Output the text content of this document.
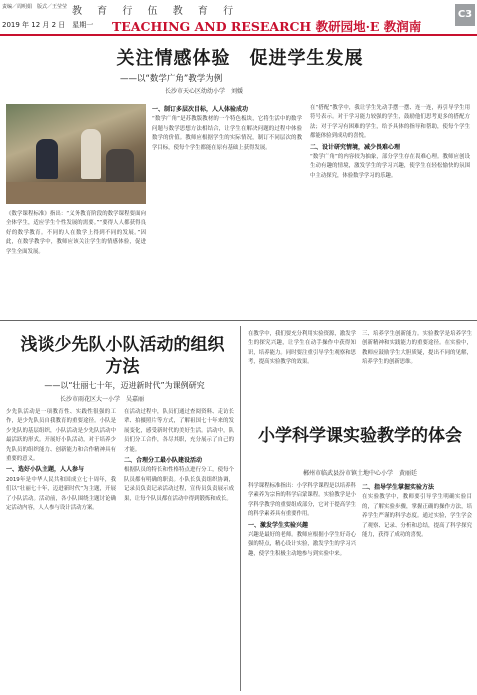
责编／周明娟　版式／王莹莹
2019 年 12 月 2 日　星期一
教 育 行 伍 教 育 行
TEACHING AND RESEARCH 教研园地·E 教润南
C3
关注情感体验　促进学生发展
——以“数学广角”教学为例
长沙市天心区幼幼小学　刘媛

《数学课程标准》指出：“义务教育阶段的数学课程要面向全体学生，适应学生个性发展的需要。”“要得人人都获得良好的数学教育。不同的人在数学上得到不同的发展。”因此，在数学教学中，教师应该关注学生的情感体验，促进学生全面发展。

一、制订多层次目标，人人体验成功

“数学广角”是苏教版教材的一个特色板块，它将生活中的数学问题与数学思想方法相结合，让学生在解决问题的过程中体验数学的价值。教师应根据学生的实际情况，制订不同层次的教学目标，使每个学生都能在原有基础上获得发展。

在“搭配”教学中，我让学生先动手摆一摆、连一连，再引导学生用符号表示。对于学习能力较强的学生，鼓励他们思考更多的搭配方法；对于学习有困难的学生，给予具体的指导和帮助，使每个学生都能体验到成功的喜悦。

二、设计研究情境，减少畏难心理

“数学广角”的内容较为抽象，部分学生存在畏难心理。教师应创设生动有趣的情境，激发学生的学习兴趣，使学生在轻松愉快的氛围中主动探究，体验数学学习的乐趣。

浅谈少先队小队活动的组织方法
——以“壮丽七十年，迈进新时代”为课例研究
长沙市雨花区大一小学　吴嘉丽

少先队活动是一项教育性、实践性很强的工作，是少先队员自我教育的重要途径。小队是少先队的基层组织，小队活动是少先队活动中最活跃的形式。开展好小队活动，对于培养少先队员的组织能力、创新能力和合作精神具有重要的意义。

一、选好小队主题，人人参与

2019年是中华人民共和国成立七十周年，我们以“壮丽七十年，迈进新时代”为主题，开展了小队活动。活动前，各小队围绕主题讨论确定活动内容，人人参与设计活动方案。

在活动过程中，队员们通过查阅资料、走访长辈、拍摄照片等方式，了解祖国七十年来的发展变化，感受新时代的美好生活。活动中，队员们分工合作，各尽其职，充分展示了自己的才能。

二、合理分工最小队建设活动

根据队员的特长和性格特点进行分工，使每个队员都有明确的职责。小队长负责组织协调，记录员负责记录活动过程，宣传员负责展示成果，让每个队员都在活动中得到锻炼和成长。

在教学中，我们要充分利用实验资源，激发学生的探究兴趣，让学生在动手操作中获得知识，培养能力。同时要注重引导学生观察和思考，提高实验教学的效果。

三、培养学生创新能力。实验教学是培养学生创新精神和实践能力的重要途径。在实验中，教师应鼓励学生大胆质疑，提出不同的见解，培养学生的创新思维。

小学科学课实验教学的体会
郴州市临武县汾市镇土地中心小学　黄丽廷

科学课程标准指出：小学科学课程是以培养科学素养为宗旨的科学启蒙课程。实验教学是小学科学教学的重要组成部分，它对于提高学生的科学素养具有重要作用。

一、激发学生实验兴趣

兴趣是最好的老师。教师应根据小学生好奇心强的特点，精心设计实验，激发学生的学习兴趣，使学生积极主动地参与到实验中来。

二、指导学生掌握实验方法

在实验教学中，教师要引导学生明确实验目的，了解实验步骤，掌握正确的操作方法，培养学生严谨的科学态度。通过实验，学生学会了观察、记录、分析和总结，提高了科学探究能力，获得了成功的喜悦。
